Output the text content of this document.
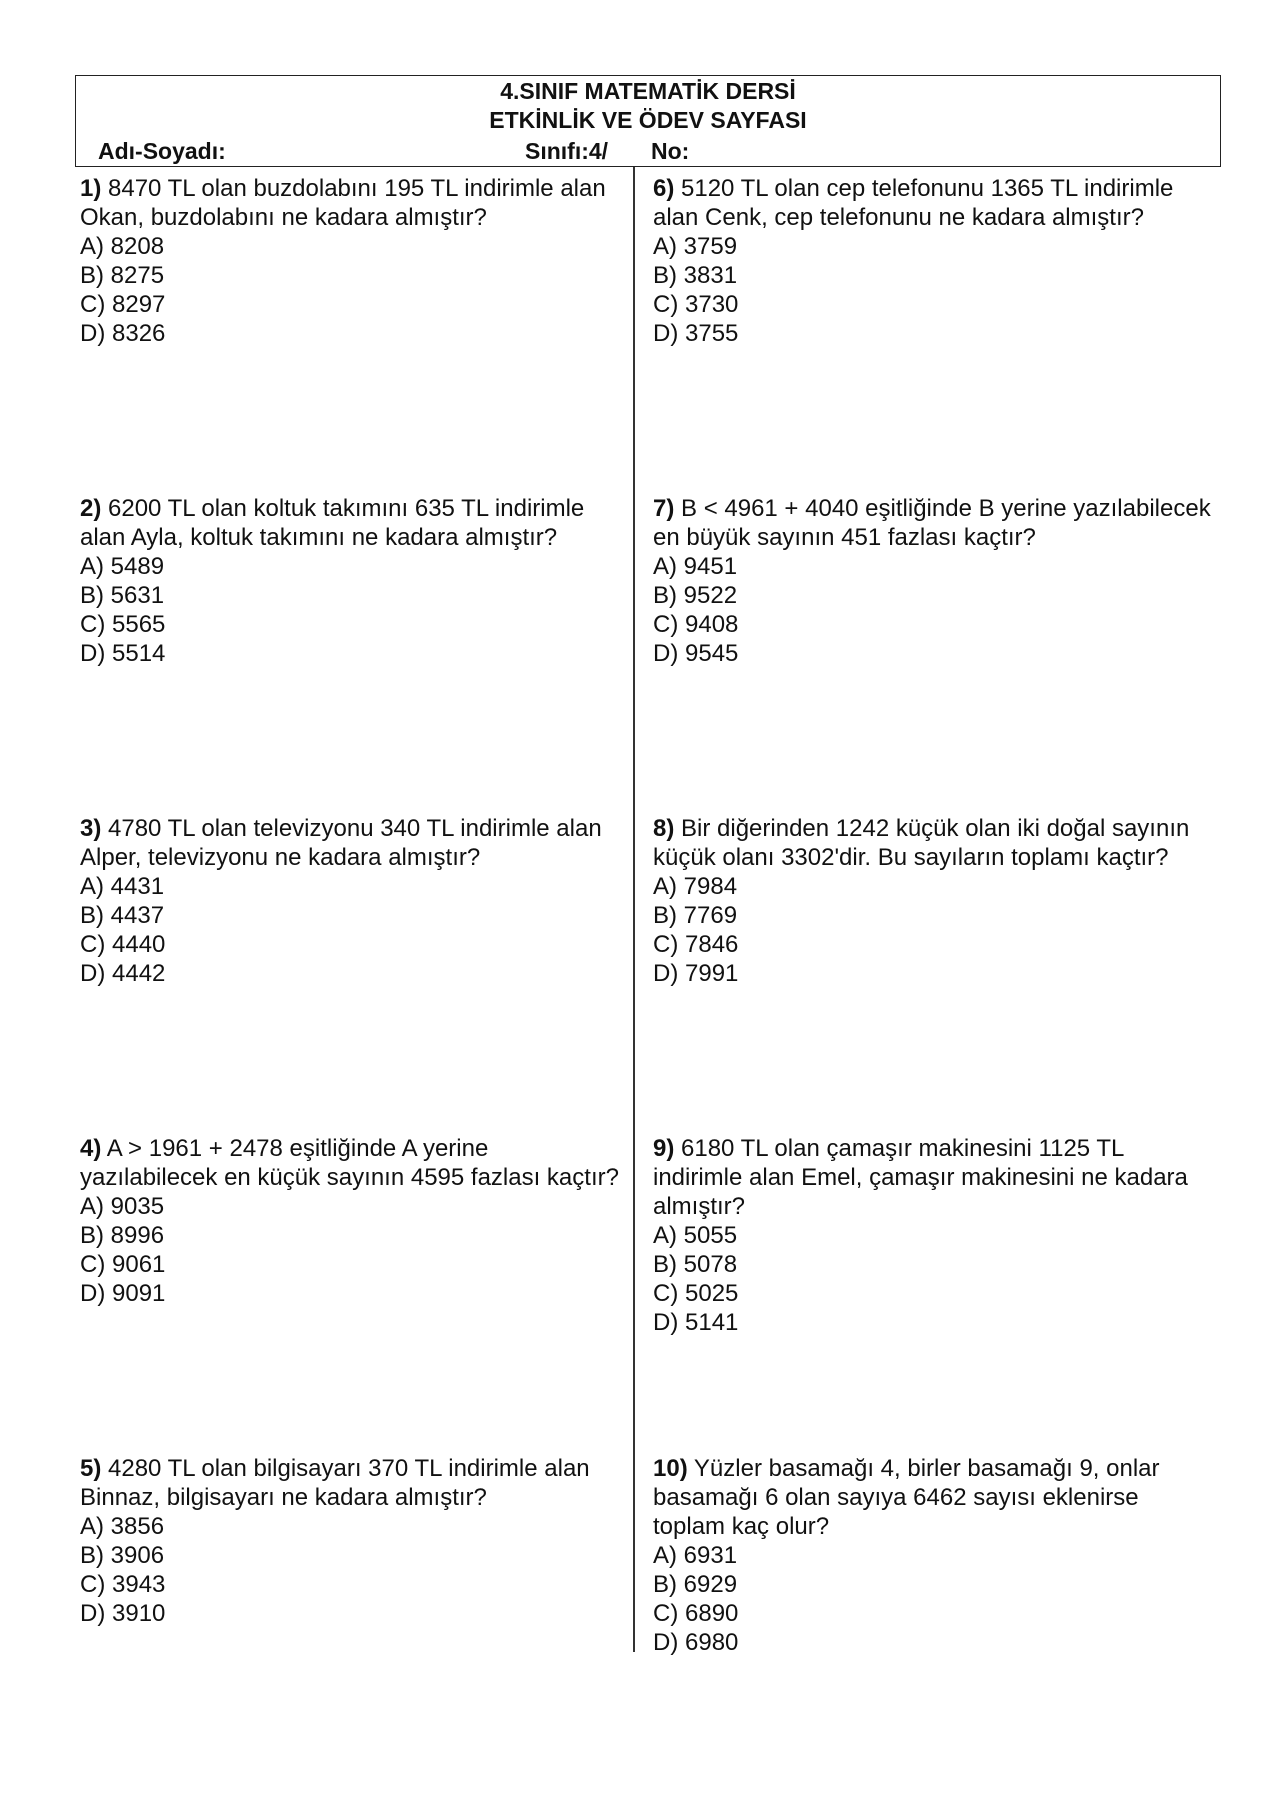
4.SINIF MATEMATİK DERSİ
ETKİNLİK VE ÖDEV SAYFASI
Adı-Soyadı:	Sınıfı:4/ No:
1) 8470 TL olan buzdolabını 195 TL indirimle alan Okan, buzdolabını ne kadara almıştır?
A) 8208
B) 8275
C) 8297
D) 8326
2) 6200 TL olan koltuk takımını 635 TL indirimle alan Ayla, koltuk takımını ne kadara almıştır?
A) 5489
B) 5631
C) 5565
D) 5514
3) 4780 TL olan televizyonu 340 TL indirimle alan Alper, televizyonu ne kadara almıştır?
A) 4431
B) 4437
C) 4440
D) 4442
4) A > 1961 + 2478 eşitliğinde A yerine yazılabilecek en küçük sayının 4595 fazlası kaçtır?
A) 9035
B) 8996
C) 9061
D) 9091
5) 4280 TL olan bilgisayarı 370 TL indirimle alan Binnaz, bilgisayarı ne kadara almıştır?
A) 3856
B) 3906
C) 3943
D) 3910
6) 5120 TL olan cep telefonunu 1365 TL indirimle alan Cenk, cep telefonunu ne kadara almıştır?
A) 3759
B) 3831
C) 3730
D) 3755
7) B < 4961 + 4040 eşitliğinde B yerine yazılabilecek en büyük sayının 451 fazlası kaçtır?
A) 9451
B) 9522
C) 9408
D) 9545
8) Bir diğerinden 1242 küçük olan iki doğal sayının küçük olanı 3302'dir. Bu sayıların toplamı kaçtır?
A) 7984
B) 7769
C) 7846
D) 7991
9) 6180 TL olan çamaşır makinesini 1125 TL indirimle alan Emel, çamaşır makinesini ne kadara almıştır?
A) 5055
B) 5078
C) 5025
D) 5141
10) Yüzler basamağı 4, birler basamağı 9, onlar basamağı 6 olan sayıya 6462 sayısı eklenirse toplam kaç olur?
A) 6931
B) 6929
C) 6890
D) 6980
